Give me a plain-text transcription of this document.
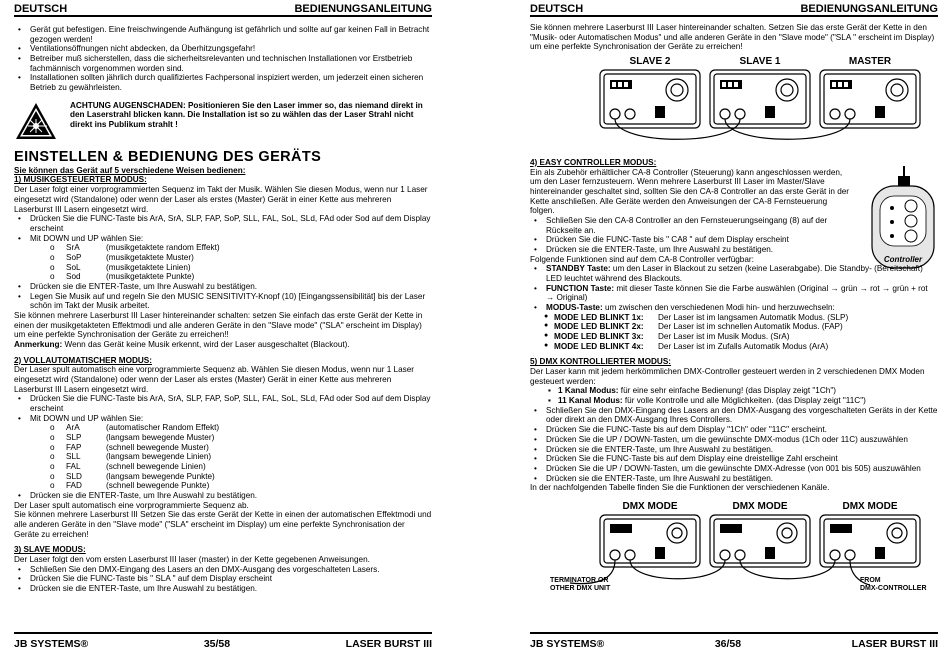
DEUTSCH	BEDIENUNGSANLEITUNG
• Gerät gut befestigen. Eine freischwingende Aufhängung ist gefährlich und sollte auf gar keinen Fall in Betracht gezogen werden!
• Ventilationsöffnungen nicht abdecken, da Überhitzungsgefahr!
• Betreiber muß sicherstellen, dass die sicherheitsrelevanten und technischen Installationen vor Erstbetrieb fachmännisch vorgenommen worden sind.
• Installationen sollten jährlich durch qualifiziertes Fachpersonal inspiziert werden, um jederzeit einen sicheren Betrieb zu gewährleisten.

ACHTUNG AUGENSCHADEN: Positionieren Sie den Laser immer so, das niemand direkt in den Laserstrahl blicken kann. Die Installation ist so zu wählen das der Laser Strahl nicht direkt ins Publikum strahlt !

EINSTELLEN & BEDIENUNG DES GERÄTS

Sie können das Gerät auf 5 verschiedene Weisen bedienen:

1) MUSIKGESTEUERTER MODUS:

Der Laser folgt einer vorprogrammierten Sequenz im Takt der Musik. Wählen Sie diesen Modus, wenn nur 1 Laser eingesetzt wird (Standalone) oder wenn der Laser als erstes (Master) Gerät in einer Kette aus mehreren Laserburst III Lasern eingesetzt wird.

• Drücken Sie die FUNC-Taste bis ArA, SrA, SLP, FAP, SoP, SLL, FAL, SoL, SLd, FAd oder Sod auf dem Display erscheint
• Mit DOWN und UP wählen Sie:
o	SrA	(musikgetaktete random Effekt)
o	SoP	(musikgetaktete Muster)
o	SoL	(musikgetaktete Linien)
o	Sod	(musikgetaktete Punkte)
• Drücken sie die ENTER-Taste, um Ihre Auswahl zu bestätigen.
• Legen Sie Musik auf und regeln Sie den MUSIC SENSITIVITY-Knopf (10) [Eingangssensibilität] bis der Laser schön im Takt der Musik arbeitet.

Sie können mehrere Laserburst III Laser hintereinander schalten: setzen Sie einfach das erste Gerät der Kette in einen der musikgetakteten Effektmodi und alle anderen Geräte in den "Slave mode" ("SLA" erscheint im Display) um eine perfekte Synchronisation der Geräte zu erreichen!!

Anmerkung: Wenn das Gerät keine Musik erkennt, wird der Laser ausgeschaltet (Blackout).

2) VOLLAUTOMATISCHER MODUS:

Der Laser spult automatisch eine vorprogrammierte Sequenz ab. Wählen Sie diesen Modus, wenn nur 1 Laser eingesetzt wird (Standalone) oder wenn der Laser als erstes (Master) Gerät in einer Kette aus mehreren Laserburst III Lasern eingesetzt wird.

• Drücken Sie die FUNC-Taste bis ArA, SrA, SLP, FAP, SoP, SLL, FAL, SoL, SLd, FAd oder Sod auf dem Display erscheint
• Mit DOWN und UP wählen Sie:
o	ArA	(automatischer Random Effekt)
o	SLP	(langsam bewegende Muster)
o	FAP	(schnell bewegende Muster)
o	SLL	(langsam bewegende Linien)
o	FAL	(schnell bewegende Linien)
o	SLD	(langsam bewegende Punkte)
o	FAD	(schnell bewegende Punkte)
• Drücken sie die ENTER-Taste, um Ihre Auswahl zu bestätigen.

Der Laser spult automatisch eine vorprogrammierte Sequenz ab.

Sie können mehrere Laserburst III Setzen Sie das erste Gerät der Kette in einen der automatischen Effektmodi und alle anderen Geräte in den "Slave mode" ("SLA" erscheint im Display) um eine perfekte Synchronisation der Geräte zu erreichen!

3) SLAVE MODUS:

Der Laser folgt den vom ersten Laserburst III laser (master) in der Kette gegebenen Anweisungen.

• Schließen Sie den DMX-Eingang des Lasers an den DMX-Ausgang des vorgeschalteten Lasers.
• Drücken Sie die FUNC-Taste bis " SLA " auf dem Display erscheint
• Drücken sie die ENTER-Taste, um Ihre Auswahl zu bestätigen.
JB SYSTEMS®	35/58	LASER BURST III
DEUTSCH	BEDIENUNGSANLEITUNG

Sie können mehrere Laserburst III Laser hintereinander schalten. Setzen Sie das erste Gerät der Kette in den "Musik- oder Automatischen Modus" und alle anderen Geräte in den "Slave mode" ("SLA " erscheint im Display) um eine perfekte Synchronisation der Geräte zu erreichen!

SLAVE 2	SLAVE 1	MASTER

4) EASY CONTROLLER MODUS:

Ein als Zubehör erhältlicher CA-8 Controller (Steuerung) kann angeschlossen werden, um den Laser fernzusteuern. Wenn mehrere Laserburst III Laser im Master/Slave hintereinander geschaltet sind, sollten Sie den CA-8 Controller an das erste Gerät in der Kette anschließen. Alle Geräte werden den Anweisungen der CA-8 Fernsteuerung folgen.

• Schließen Sie den CA-8 Controller an den Fernsteuerungseingang (8) auf der Rückseite an.
• Drücken Sie die FUNC-Taste bis " CA8 " auf dem Display erscheint
• Drücken sie die ENTER-Taste, um Ihre Auswahl zu bestätigen.
Controller

Folgende Funktionen sind auf dem CA-8 Controller verfügbar:

• STANDBY Taste: um den Laser in Blackout zu setzen (keine Laserabgabe). Die Standby- (Bereitschaft) LED leuchtet während des Blackouts.
• FUNCTION Taste: mit dieser Taste können Sie die Farbe auswählen (Original → grün → rot → grün + rot → Original)
• MODUS-Taste: um zwischen den verschiedenen Modi hin- und herzuwechseln:
● MODE LED BLINKT 1x:	Der Laser ist im langsamen Automatik Modus. (SLP)
● MODE LED BLINKT 2x:	Der Laser ist im schnellen Automatik Modus. (FAP)
● MODE LED BLINKT 3x:	Der Laser ist im Musik Modus. (SrA)
● MODE LED BLINKT 4x:	Der Laser ist im Zufalls Automatik Modus (ArA)

5) DMX KONTROLLIERTER MODUS:

Der Laser kann mit jedem herkömmlichen DMX-Controller gesteuert werden in 2 verschiedenen DMX Moden gesteuert werden:

▪ 1 Kanal Modus: für eine sehr einfache Bedienung! (das Display zeigt "1Ch")

▪ 11 Kanal Modus: für volle Kontrolle und alle Möglichkeiten. (das Display zeigt "11C")

• Schließen Sie den DMX-Eingang des Lasers an den DMX-Ausgang des vorgeschalteten Geräts in der Kette oder direkt an den DMX-Ausgang Ihres Controllers.
• Drücken Sie die FUNC-Taste bis auf dem Display "1Ch" oder "11C" erscheint.
• Drücken Sie die UP / DOWN-Tasten, um die gewünschte DMX-modus (1Ch oder 11C) auszuwählen
• Drücken sie die ENTER-Taste, um Ihre Auswahl zu bestätigen.
• Drücken Sie die FUNC-Taste bis auf dem Display eine dreistellige Zahl erscheint
• Drücken Sie die UP / DOWN-Tasten, um die gewünschte DMX-Adresse (von 001 bis 505) auszuwählen
• Drücken sie die ENTER-Taste, um Ihre Auswahl zu bestätigen.

In der nachfolgenden Tabelle finden Sie die Funktionen der verschiedenen Kanäle.

DMX MODE	DMX MODE	DMX MODE
TERMINATOR OR
OTHER DMX UNIT
FROM
DMX-CONTROLLER
JB SYSTEMS®	36/58	LASER BURST III
